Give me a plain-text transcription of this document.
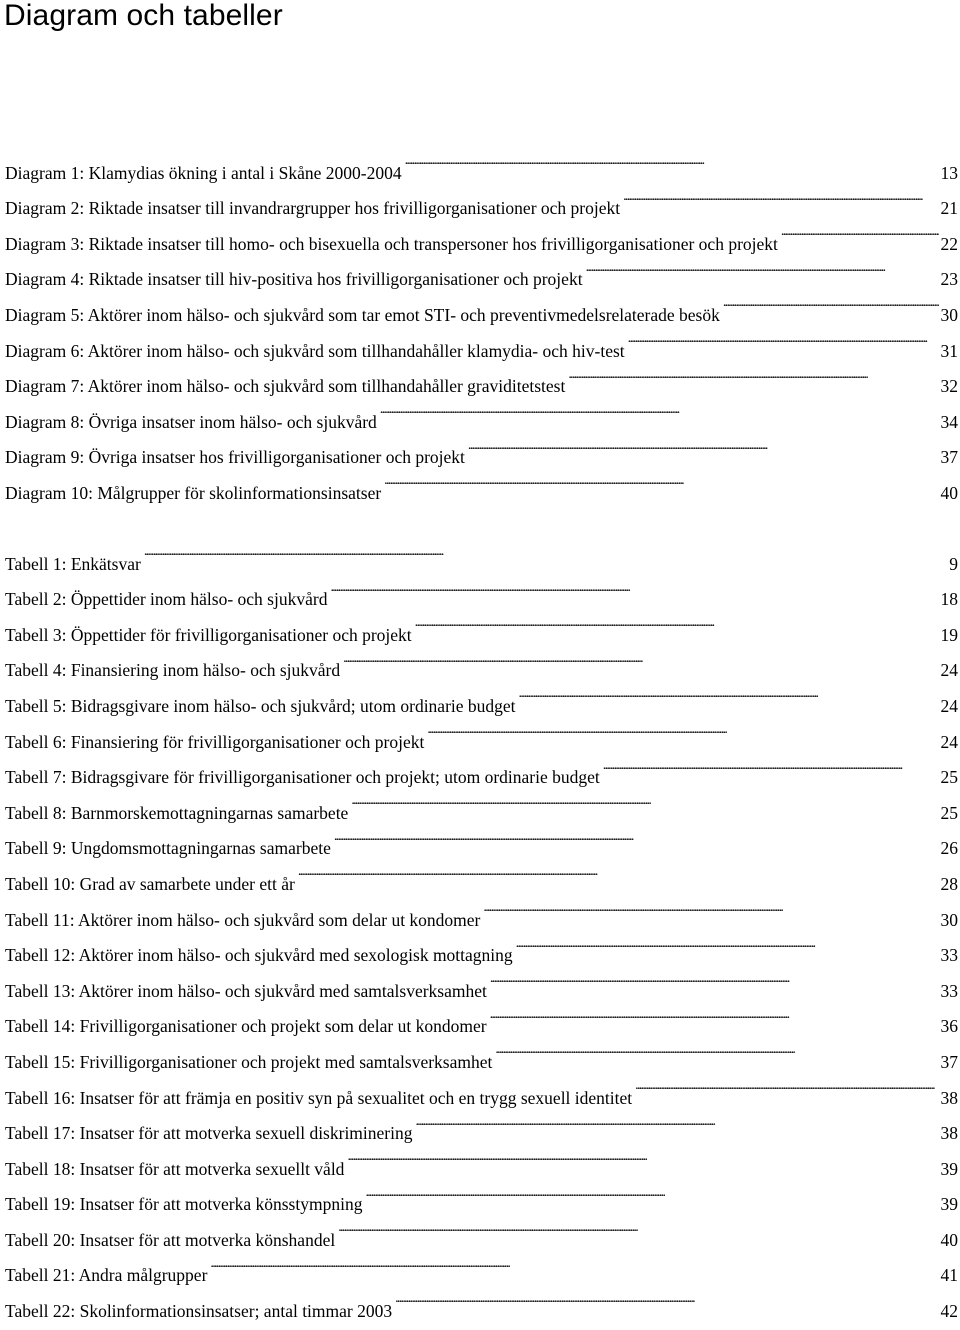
Diagram och tabeller
Diagram 1: Klamydias ökning i antal i Skåne 2000-2004 . . .	13
Diagram 2: Riktade insatser till invandrargrupper hos frivilligorganisationer och projekt . . .	21
Diagram 3: Riktade insatser till homo- och bisexuella och transpersoner hos frivilligorganisationer och projekt . . .	22
Diagram 4: Riktade insatser till hiv-positiva hos frivilligorganisationer och projekt . . .	23
Diagram 5: Aktörer inom hälso- och sjukvård som tar emot STI- och preventivmedelsrelaterade besök . . .	30
Diagram 6: Aktörer inom hälso- och sjukvård som tillhandahåller klamydia- och hiv-test . . .	31
Diagram 7: Aktörer inom hälso- och sjukvård som tillhandahåller graviditetstest . . .	32
Diagram 8: Övriga insatser inom hälso- och sjukvård . . .	34
Diagram 9: Övriga insatser hos frivilligorganisationer och projekt . . .	37
Diagram 10: Målgrupper för skolinformationsinsatser . . .	40
Tabell 1: Enkätsvar . . .	9
Tabell 2: Öppettider inom hälso- och sjukvård . . .	18
Tabell 3: Öppettider för frivilligorganisationer och projekt . . .	19
Tabell 4: Finansiering inom hälso- och sjukvård . . .	24
Tabell 5: Bidragsgivare inom hälso- och sjukvård; utom ordinarie budget . . .	24
Tabell 6: Finansiering för frivilligorganisationer och projekt . . .	24
Tabell 7: Bidragsgivare för frivilligorganisationer och projekt; utom ordinarie budget . . .	25
Tabell 8: Barnmorskemottagningarnas samarbete . . .	25
Tabell 9: Ungdomsmottagningarnas samarbete . . .	26
Tabell 10: Grad av samarbete under ett år . . .	28
Tabell 11: Aktörer inom hälso- och sjukvård som delar ut kondomer . . .	30
Tabell 12: Aktörer inom hälso- och sjukvård med sexologisk mottagning . . .	33
Tabell 13: Aktörer inom hälso- och sjukvård med samtalsverksamhet . . .	33
Tabell 14: Frivilligorganisationer och projekt som delar ut kondomer . . .	36
Tabell 15: Frivilligorganisationer och projekt med samtalsverksamhet . . .	37
Tabell 16: Insatser för att främja en positiv syn på sexualitet och en trygg sexuell identitet . . .	38
Tabell 17: Insatser för att motverka sexuell diskriminering . . .	38
Tabell 18: Insatser för att motverka sexuellt våld . . .	39
Tabell 19: Insatser för att motverka könsstympning . . .	39
Tabell 20: Insatser för att motverka könshandel . . .	40
Tabell 21: Andra målgrupper . . .	41
Tabell 22: Skolinformationsinsatser; antal timmar 2003 . . .	42
